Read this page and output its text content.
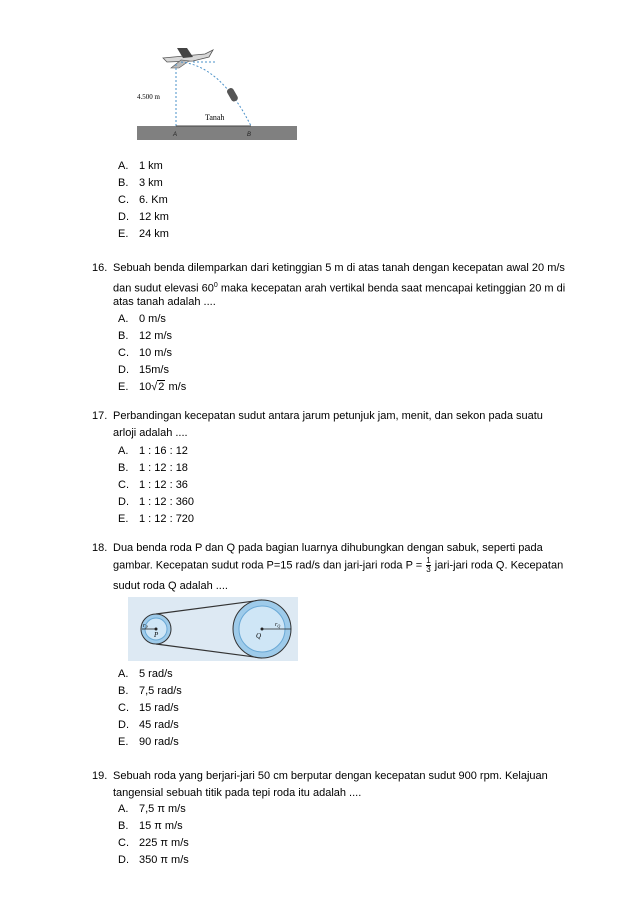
4.500 m
Tanah
A	B
A. 1 km
B. 3 km
C. 6. Km
D. 12 km
E. 24 km
16. Sebuah benda dilemparkan dari ketinggian 5 m di atas tanah dengan kecepatan awal 20 m/s
dan sudut elevasi $60^0$ maka kecepatan arah vertikal benda saat mencapai ketinggian 20 m di
atas tanah adalah ....
A. 0 m/s
B. 12 m/s
C. 10 m/s
D. 15m/s
E. 10√2 m/s
17. Perbandingan kecepatan sudut antara jarum petunjuk jam, menit, dan sekon pada suatu
arloji adalah ....
A. 1 : 16 : 12
B. 1 : 12 : 18
C. 1 : 12 : 36
D. 1 : 12 : 360
E. 1 : 12 : 720
18. Dua benda roda P dan Q pada bagian luarnya dihubungkan dengan sabuk, seperti pada
gambar. Kecepatan sudut roda P=15 rad/s dan jari-jari roda $P = \frac{1}{3}$ jari-jari roda Q. Kecepatan
sudut roda Q adalah ....
$r_P$
P
$r_Q$
Q
A. 5 rad/s
B. 7,5 rad/s
C. 15 rad/s
D. 45 rad/s
E. 90 rad/s
19. Sebuah roda yang berjari-jari 50 cm berputar dengan kecepatan sudut 900 rpm. Kelajuan
tangensial sebuah titik pada tepi roda itu adalah ....
A. 7,5 π m/s
B. 15 π m/s
C. 225 π m/s
D. 350 π m/s
